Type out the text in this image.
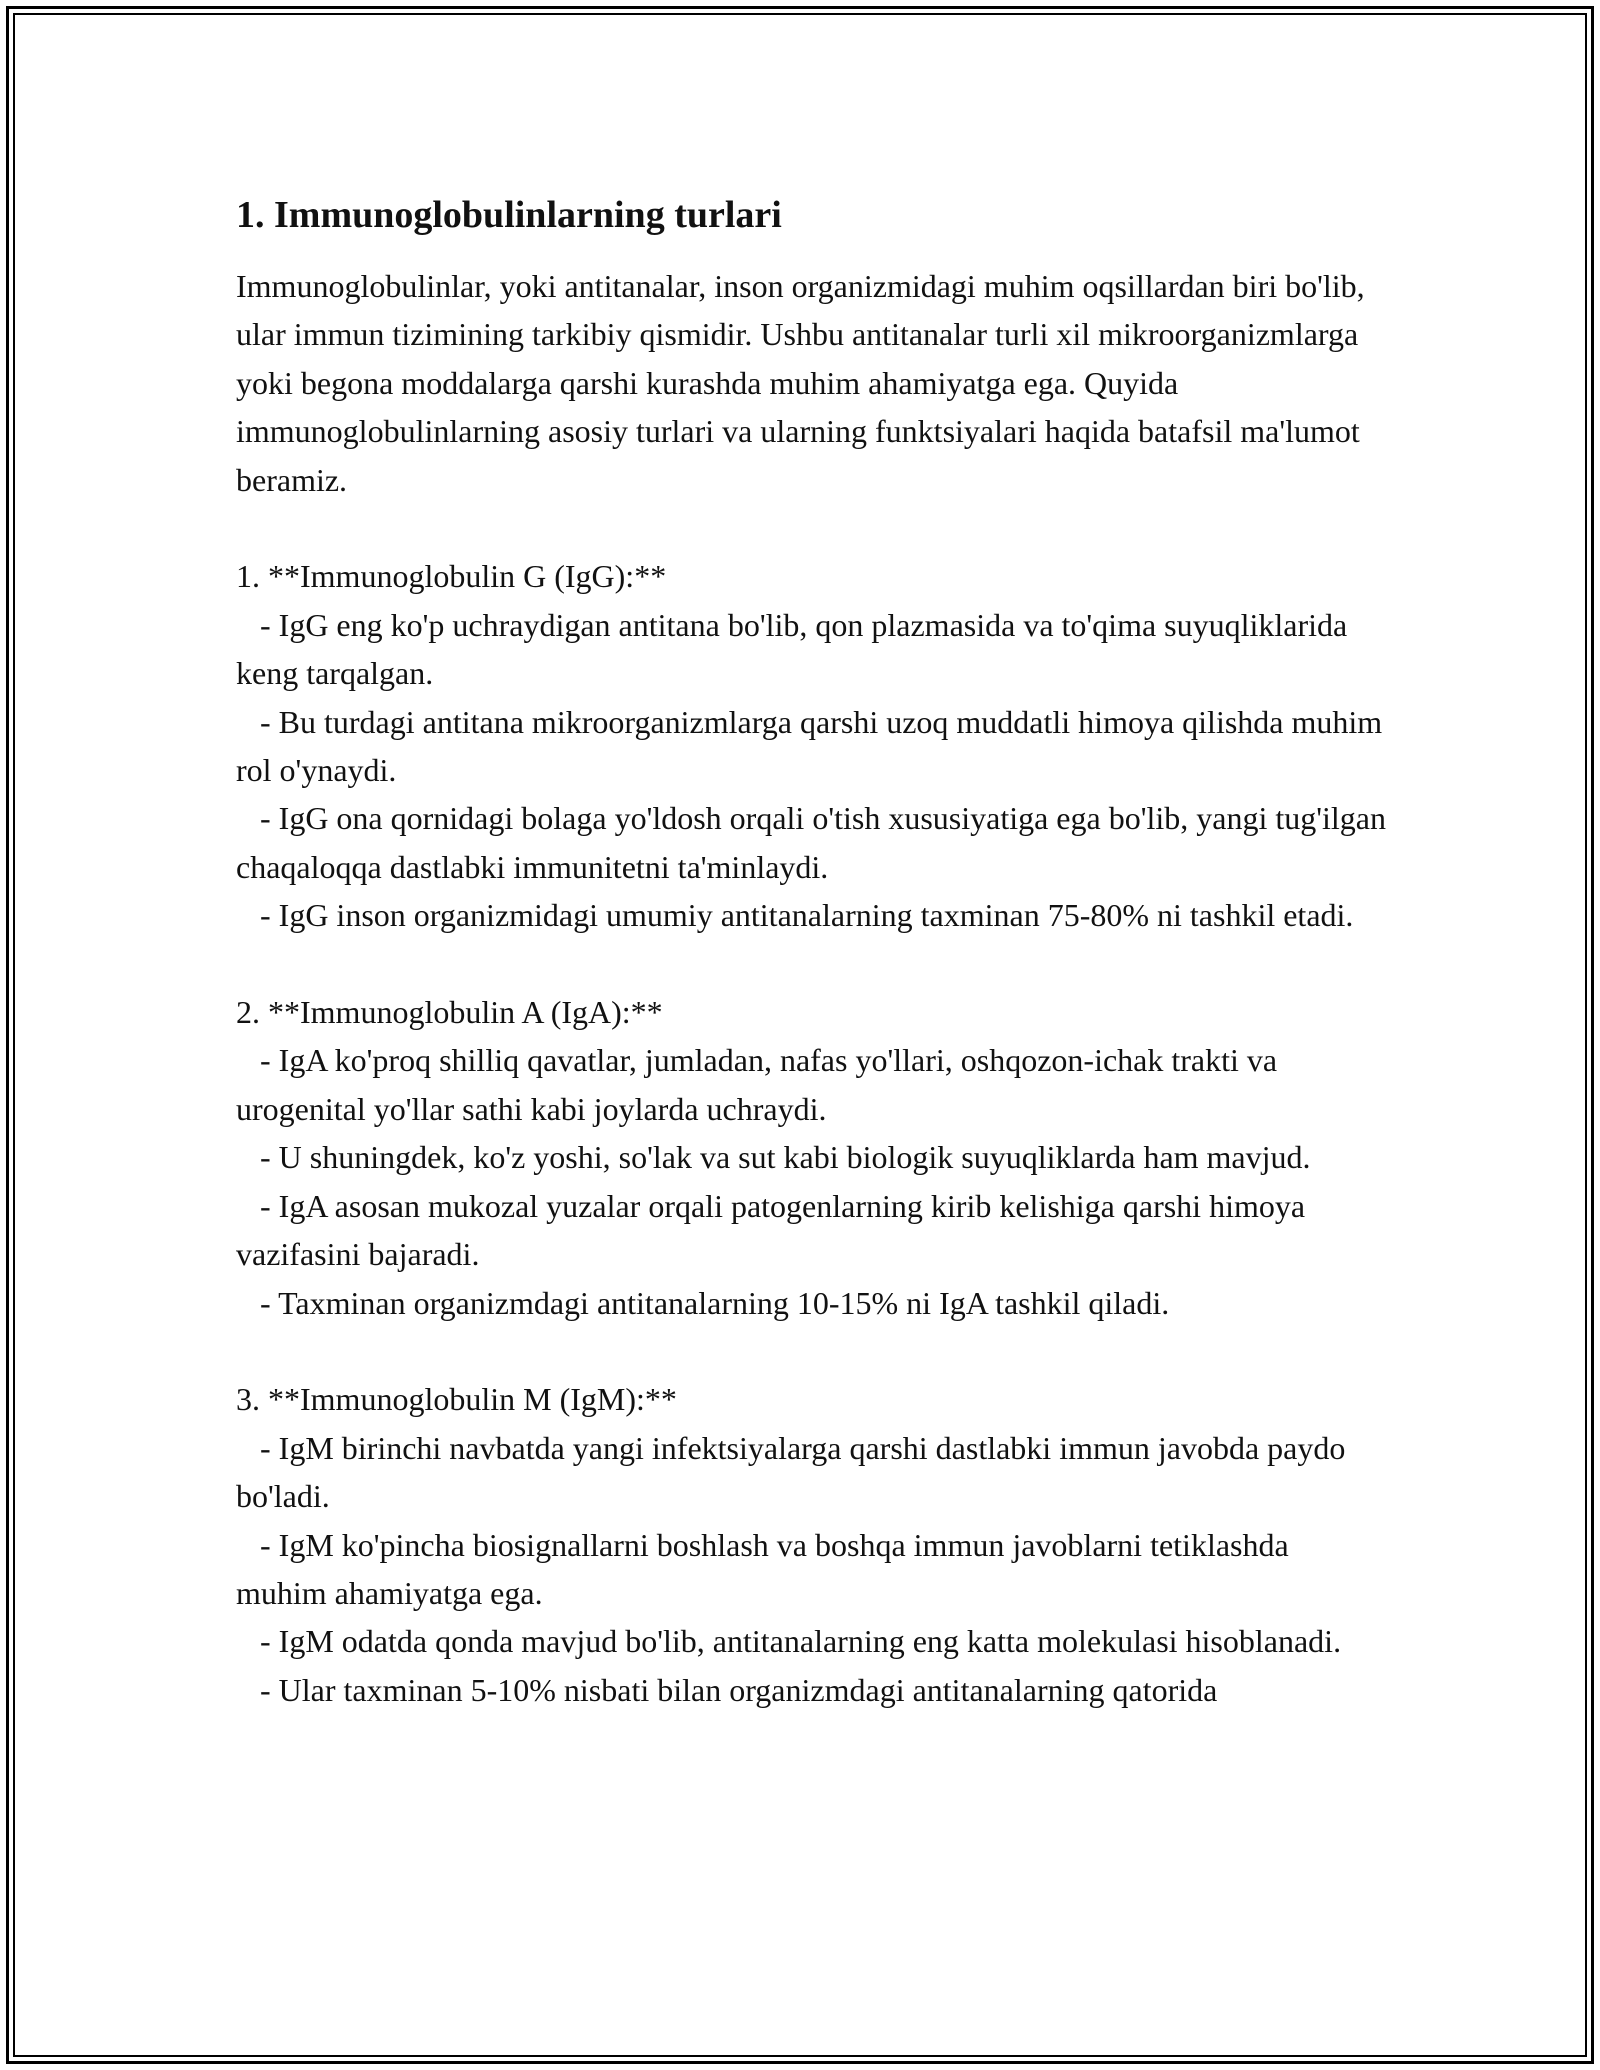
1. Immunoglobulinlarning turlari

Immunoglobulinlar, yoki antitanalar, inson organizmidagi muhim oqsillardan biri bo'lib, ular immun tizimining tarkibiy qismidir. Ushbu antitanalar turli xil mikroorganizmlarga yoki begona moddalarga qarshi kurashda muhim ahamiyatga ega. Quyida immunoglobulinlarning asosiy turlari va ularning funktsiyalari haqida batafsil ma'lumot beramiz.

1. **Immunoglobulin G (IgG):**

- IgG eng ko'p uchraydigan antitana bo'lib, qon plazmasida va to'qima suyuqliklarida keng tarqalgan.

- Bu turdagi antitana mikroorganizmlarga qarshi uzoq muddatli himoya qilishda muhim rol o'ynaydi.

- IgG ona qornidagi bolaga yo'ldosh orqali o'tish xususiyatiga ega bo'lib, yangi tug'ilgan chaqaloqqa dastlabki immunitetni ta'minlaydi.

- IgG inson organizmidagi umumiy antitanalarning taxminan 75-80% ni tashkil etadi.

2. **Immunoglobulin A (IgA):**

- IgA ko'proq shilliq qavatlar, jumladan, nafas yo'llari, oshqozon-ichak trakti va urogenital yo'llar sathi kabi joylarda uchraydi.

- U shuningdek, ko'z yoshi, so'lak va sut kabi biologik suyuqliklarda ham mavjud.

- IgA asosan mukozal yuzalar orqali patogenlarning kirib kelishiga qarshi himoya vazifasini bajaradi.

- Taxminan organizmdagi antitanalarning 10-15% ni IgA tashkil qiladi.

3. **Immunoglobulin M (IgM):**

- IgM birinchi navbatda yangi infektsiyalarga qarshi dastlabki immun javobda paydo bo'ladi.

- IgM ko'pincha biosignallarni boshlash va boshqa immun javoblarni tetiklashda muhim ahamiyatga ega.

- IgM odatda qonda mavjud bo'lib, antitanalarning eng katta molekulasi hisoblanadi.

- Ular taxminan 5-10% nisbati bilan organizmdagi antitanalarning qatorida
